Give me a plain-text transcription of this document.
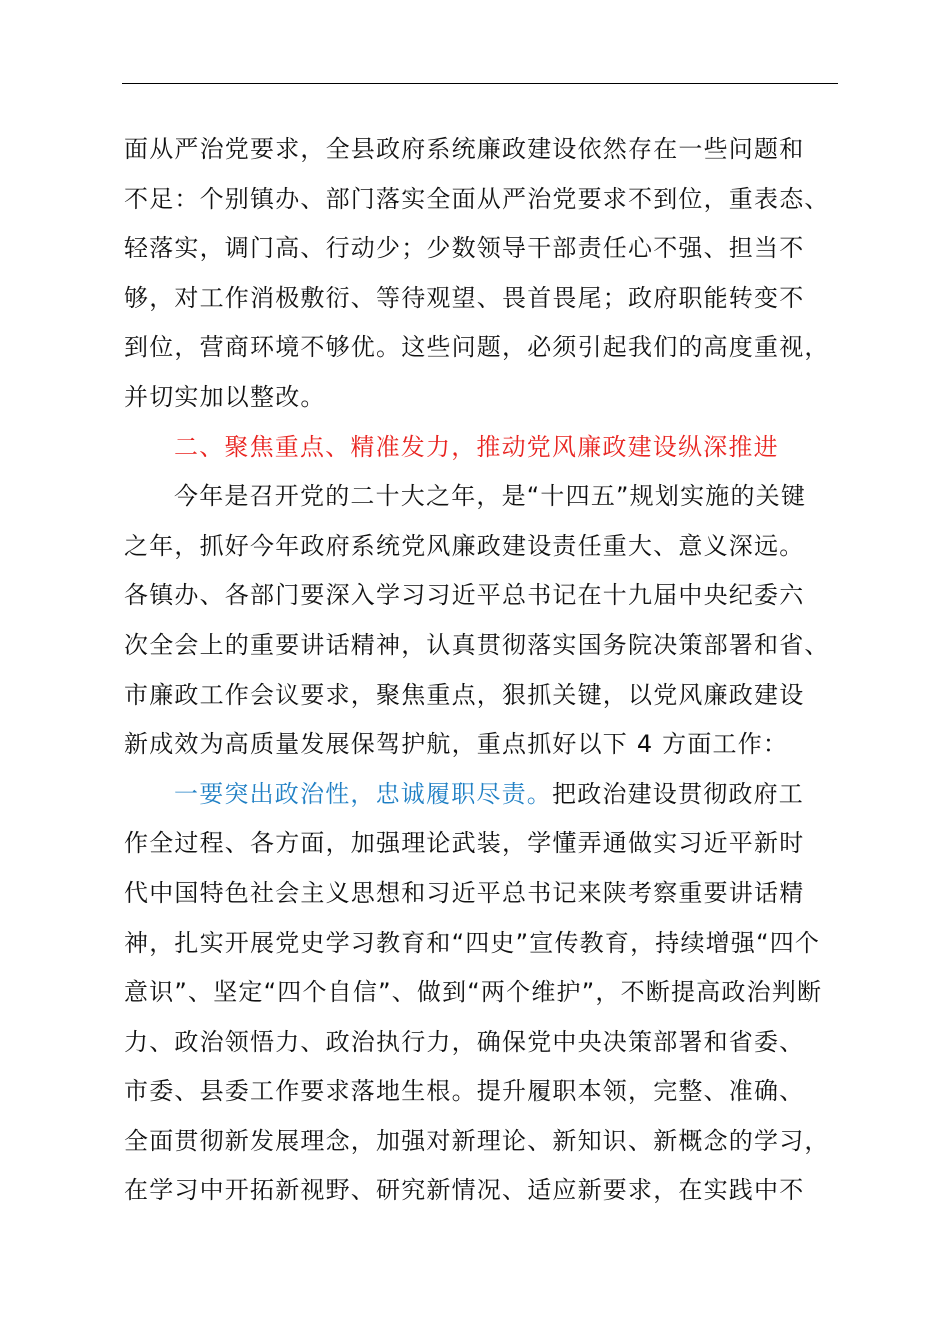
面从严治党要求，全县政府系统廉政建设依然存在一些问题和
不足：个别镇办、部门落实全面从严治党要求不到位，重表态、
轻落实，调门高、行动少；少数领导干部责任心不强、担当不
够，对工作消极敷衍、等待观望、畏首畏尾；政府职能转变不
到位，营商环境不够优。这些问题，必须引起我们的高度重视，
并切实加以整改。
二、聚焦重点、精准发力，推动党风廉政建设纵深推进
今年是召开党的二十大之年，是“十四五”规划实施的关键
之年，抓好今年政府系统党风廉政建设责任重大、意义深远。
各镇办、各部门要深入学习习近平总书记在十九届中央纪委六
次全会上的重要讲话精神，认真贯彻落实国务院决策部署和省、
市廉政工作会议要求，聚焦重点，狠抓关键，以党风廉政建设
新成效为高质量发展保驾护航，重点抓好以下 4 方面工作：
一要突出政治性，忠诚履职尽责。把政治建设贯彻政府工
作全过程、各方面，加强理论武装，学懂弄通做实习近平新时
代中国特色社会主义思想和习近平总书记来陕考察重要讲话精
神，扎实开展党史学习教育和“四史”宣传教育，持续增强“四个
意识”、坚定“四个自信”、做到“两个维护”，不断提高政治判断
力、政治领悟力、政治执行力，确保党中央决策部署和省委、
市委、县委工作要求落地生根。提升履职本领，完整、准确、
全面贯彻新发展理念，加强对新理论、新知识、新概念的学习，
在学习中开拓新视野、研究新情况、适应新要求，在实践中不
